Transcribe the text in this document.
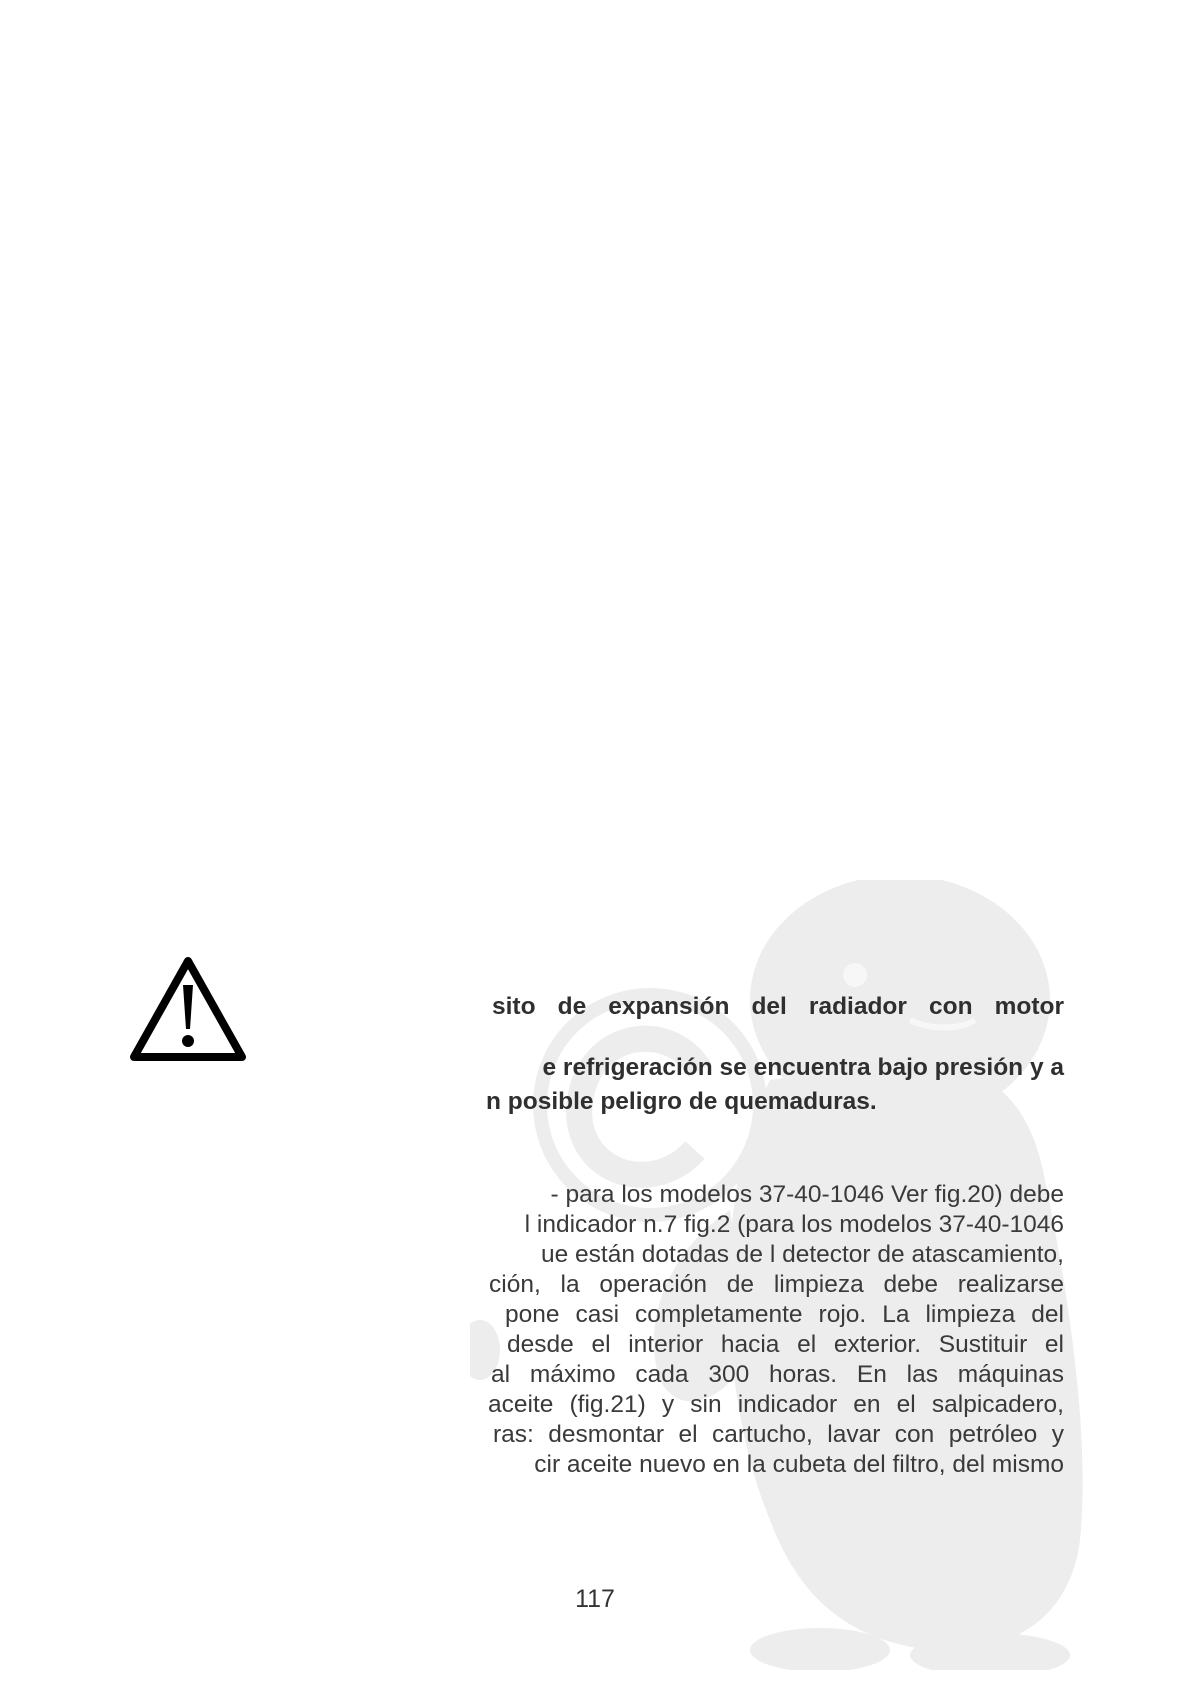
sito de expansión del radiador con motor
e refrigeración se encuentra bajo presión y a
n posible peligro de quemaduras.
- para los modelos 37-40-1046 Ver fig.20) debe
l indicador n.7 fig.2 (para los modelos 37-40-1046
ue están dotadas de l detector de atascamiento,
ción, la operación de limpieza debe realizarse
pone casi completamente rojo. La limpieza del
desde el interior hacia el exterior. Sustituir el
al máximo cada 300 horas. En las máquinas
aceite (fig.21) y sin indicador en el salpicadero,
ras: desmontar el cartucho, lavar con petróleo y
cir aceite nuevo en la cubeta del filtro, del mismo
117
